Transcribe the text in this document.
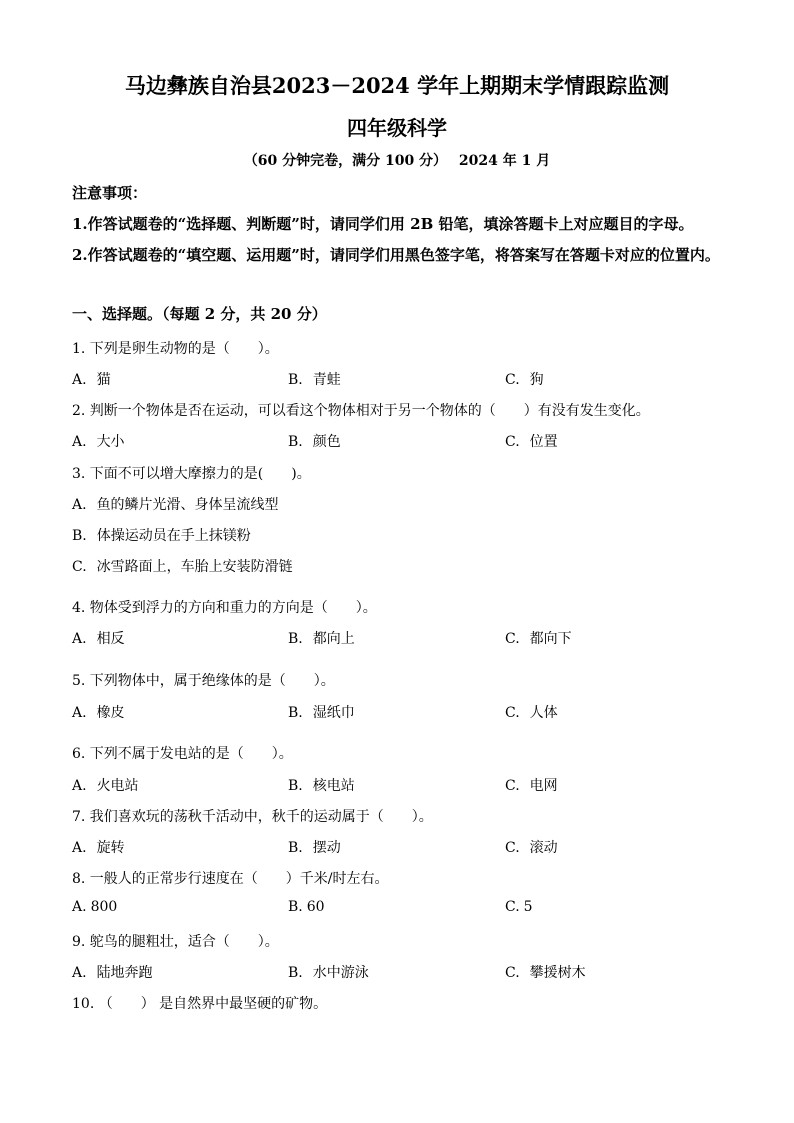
马边彝族自治县2023－2024 学年上期期末学情跟踪监测
四年级科学
（60 分钟完卷，满分 100 分）　 2024 年 1 月
注意事项：
1.作答试题卷的“选择题、判断题”时，请同学们用 2B 铅笔，填涂答题卡上对应题目的字母。
2.作答试题卷的“填空题、运用题”时，请同学们用黑色签字笔，将答案写在答题卡对应的位置内。
一、选择题。（每题 2 分，共 20 分）
1. 下列是卵生动物的是（　　）。
A. 猫	B. 青蛙	C. 狗
2. 判断一个物体是否在运动，可以看这个物体相对于另一个物体的（　　）有没有发生变化。
A. 大小	B. 颜色	C. 位置
3. 下面不可以增大摩擦力的是(　　)。
A. 鱼的鳞片光滑、身体呈流线型
B. 体操运动员在手上抹镁粉
C. 冰雪路面上，车胎上安装防滑链
4. 物体受到浮力的方向和重力的方向是（　　）。
A. 相反	B. 都向上	C. 都向下
5. 下列物体中，属于绝缘体的是（　　）。
A. 橡皮	B. 湿纸巾	C. 人体
6. 下列不属于发电站的是（　　）。
A. 火电站	B. 核电站	C. 电网
7. 我们喜欢玩的荡秋千活动中，秋千的运动属于（　　）。
A. 旋转	B. 摆动	C. 滚动
8. 一般人的正常步行速度在（　　）千米/时左右。
A. 800	B. 60	C. 5
9. 鸵鸟的腿粗壮，适合（　　）。
A. 陆地奔跑	B. 水中游泳	C. 攀援树木
10. （　　） 是自然界中最坚硬的矿物。
